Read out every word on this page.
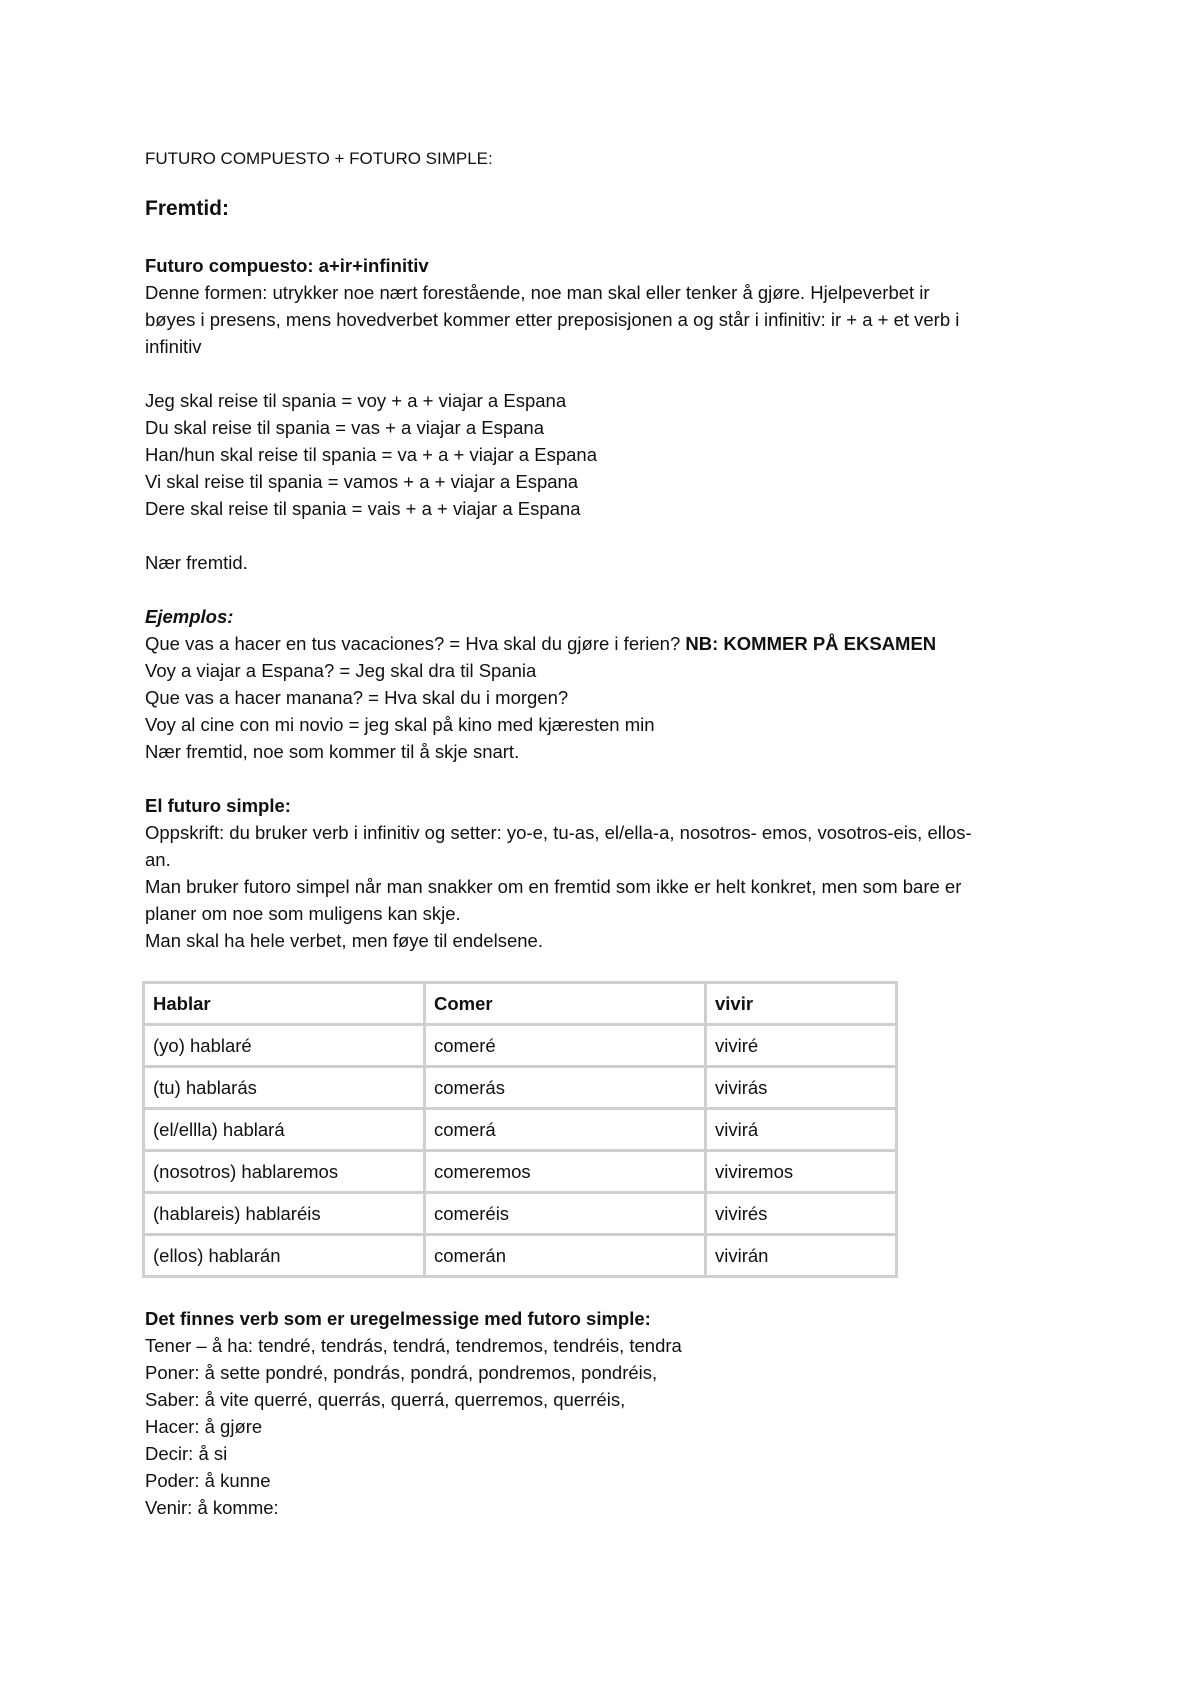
FUTURO COMPUESTO + FOTURO SIMPLE:

Fremtid:

Futuro compuesto: a+ir+infinitiv

Denne formen: utrykker noe nært forestående, noe man skal eller tenker å gjøre. Hjelpeverbet ir
bøyes i presens, mens hovedverbet kommer etter preposisjonen a og står i infinitiv: ir + a + et verb i
infinitiv

Jeg skal reise til spania = voy + a + viajar a Espana
Du skal reise til spania = vas + a viajar a Espana
Han/hun skal reise til spania = va + a + viajar a Espana
Vi skal reise til spania = vamos + a + viajar a Espana
Dere skal reise til spania = vais + a + viajar a Espana

Nær fremtid.

Ejemplos:

Que vas a hacer en tus vacaciones? = Hva skal du gjøre i ferien? NB: KOMMER PÅ EKSAMEN
Voy a viajar a Espana? = Jeg skal dra til Spania
Que vas a hacer manana? = Hva skal du i morgen?
Voy al cine con mi novio = jeg skal på kino med kjæresten min
Nær fremtid, noe som kommer til å skje snart.

El futuro simple:

Oppskrift: du bruker verb i infinitiv og setter: yo-e, tu-as, el/ella-a, nosotros- emos, vosotros-eis, ellos-
an.
Man bruker futoro simpel når man snakker om en fremtid som ikke er helt konkret, men som bare er
planer om noe som muligens kan skje.
Man skal ha hele verbet, men føye til endelsene.

Hablar	Comer	vivir
(yo) hablaré	comeré	viviré
(tu) hablarás	comerás	vivirás
(el/ellla) hablará	comerá	vivirá
(nosotros) hablaremos	comeremos	viviremos
(hablareis) hablaréis	comeréis	vivirés
(ellos) hablarán	comerán	vivirán

Det finnes verb som er uregelmessige med futoro simple:

Tener – å ha: tendré, tendrás, tendrá, tendremos, tendréis, tendra
Poner: å sette pondré, pondrás, pondrá, pondremos, pondréis,
Saber: å vite querré, querrás, querrá, querremos, querréis,
Hacer: å gjøre
Decir: å si
Poder: å kunne
Venir: å komme:
